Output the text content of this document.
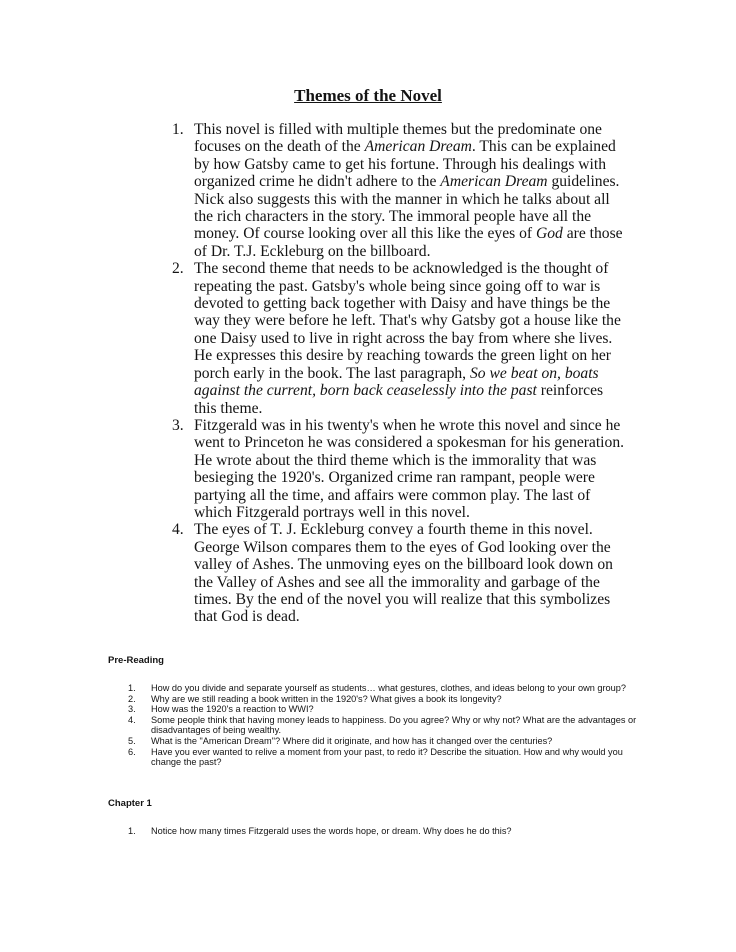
Themes of the Novel
1. This novel is filled with multiple themes but the predominate one focuses on the death of the American Dream. This can be explained by how Gatsby came to get his fortune. Through his dealings with organized crime he didn't adhere to the American Dream guidelines. Nick also suggests this with the manner in which he talks about all the rich characters in the story. The immoral people have all the money. Of course looking over all this like the eyes of God are those of Dr. T.J. Eckleburg on the billboard.
2. The second theme that needs to be acknowledged is the thought of repeating the past. Gatsby's whole being since going off to war is devoted to getting back together with Daisy and have things be the way they were before he left. That's why Gatsby got a house like the one Daisy used to live in right across the bay from where she lives. He expresses this desire by reaching towards the green light on her porch early in the book. The last paragraph, So we beat on, boats against the current, born back ceaselessly into the past reinforces this theme.
3. Fitzgerald was in his twenty's when he wrote this novel and since he went to Princeton he was considered a spokesman for his generation. He wrote about the third theme which is the immorality that was besieging the 1920's. Organized crime ran rampant, people were partying all the time, and affairs were common play. The last of which Fitzgerald portrays well in this novel.
4. The eyes of T. J. Eckleburg convey a fourth theme in this novel. George Wilson compares them to the eyes of God looking over the valley of Ashes. The unmoving eyes on the billboard look down on the Valley of Ashes and see all the immorality and garbage of the times. By the end of the novel you will realize that this symbolizes that God is dead.
Pre-Reading
1. How do you divide and separate yourself as students… what gestures, clothes, and ideas belong to your own group?
2. Why are we still reading a book written in the 1920's? What gives a book its longevity?
3. How was the 1920's a reaction to WWI?
4. Some people think that having money leads to happiness. Do you agree? Why or why not? What are the advantages or disadvantages of being wealthy.
5. What is the "American Dream"? Where did it originate, and how has it changed over the centuries?
6. Have you ever wanted to relive a moment from your past, to redo it? Describe the situation. How and why would you change the past?
Chapter 1
1. Notice how many times Fitzgerald uses the words hope, or dream. Why does he do this?
